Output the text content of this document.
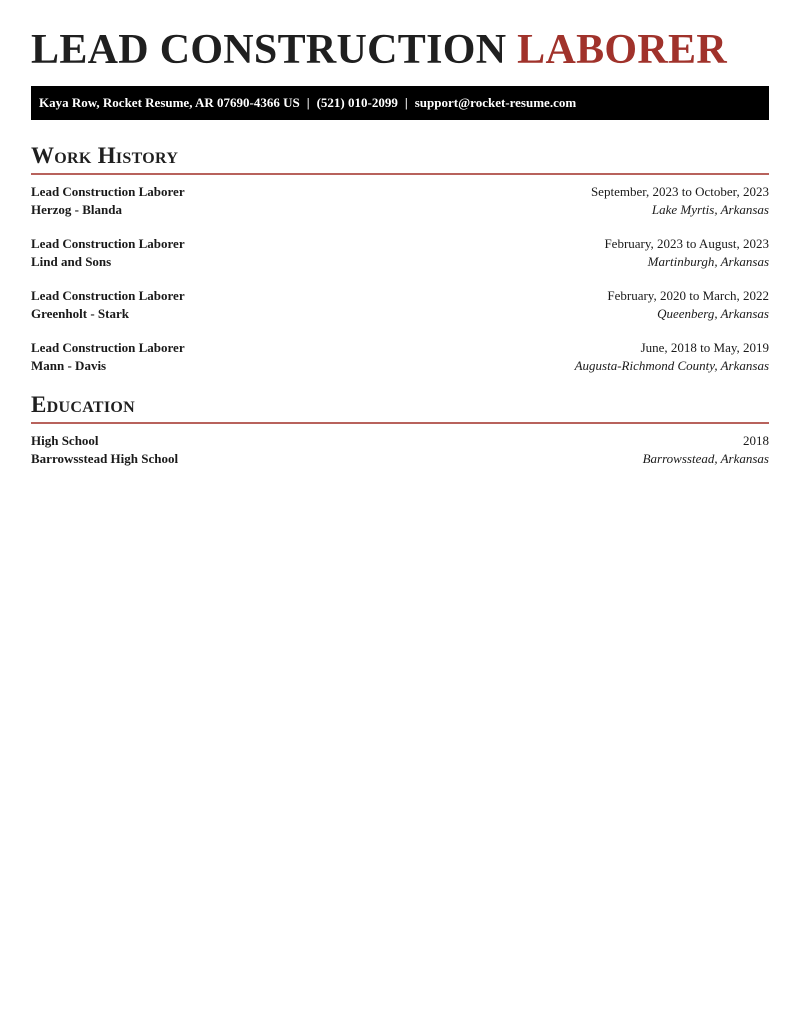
LEAD CONSTRUCTION LABORER
Kaya Row, Rocket Resume, AR 07690-4366 US | (521) 010-2099 | support@rocket-resume.com
Work History
Lead Construction Laborer	September, 2023 to October, 2023
Herzog - Blanda	Lake Myrtis, Arkansas
Lead Construction Laborer	February, 2023 to August, 2023
Lind and Sons	Martinburgh, Arkansas
Lead Construction Laborer	February, 2020 to March, 2022
Greenholt - Stark	Queenberg, Arkansas
Lead Construction Laborer	June, 2018 to May, 2019
Mann - Davis	Augusta-Richmond County, Arkansas
Education
High School	2018
Barrowsstead High School	Barrowsstead, Arkansas
